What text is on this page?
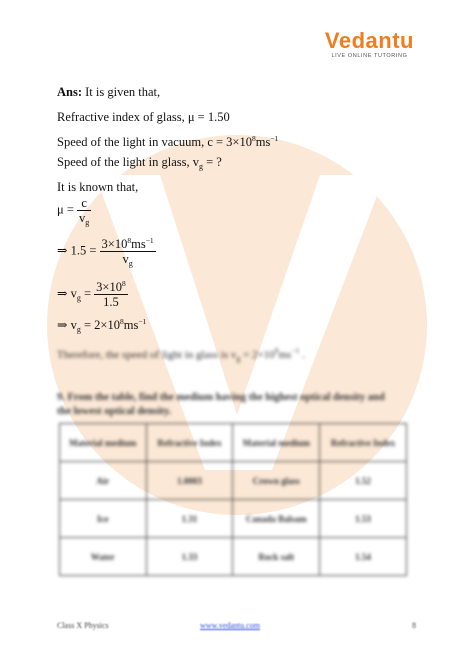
Vedantu
LIVE ONLINE TUTORING
Ans: It is given that,
Refractive index of glass, μ = 1.50
Speed of the light in vacuum, $c = 3\times 10^8ms^{-1}$
Speed of the light in glass, $v_g$ = ?
It is known that,
$\mu = \frac{c}{v_g}$
⇒ $1.5 = \frac{3\times 10^8ms^{-1}}{v_g}$
⇒ $v_g = \frac{3\times 10^8}{1.5}$
⇒ $v_g = 2\times 10^8ms^{-1}$
Therefore, the speed of light in glass is $v_g = 2\times 10^8ms^{-1}$ .
9. From the table, find the medium having the highest optical density and
the lowest optical density.
Material medium	Refractive Index	Material medium	Refractive Index
Air	1.0003	Crown glass	1.52
Ice	1.31	Canada Balsam	1.53
Water	1.33	Rock salt	1.54
Class X Physics	www.vedantu.com	8
